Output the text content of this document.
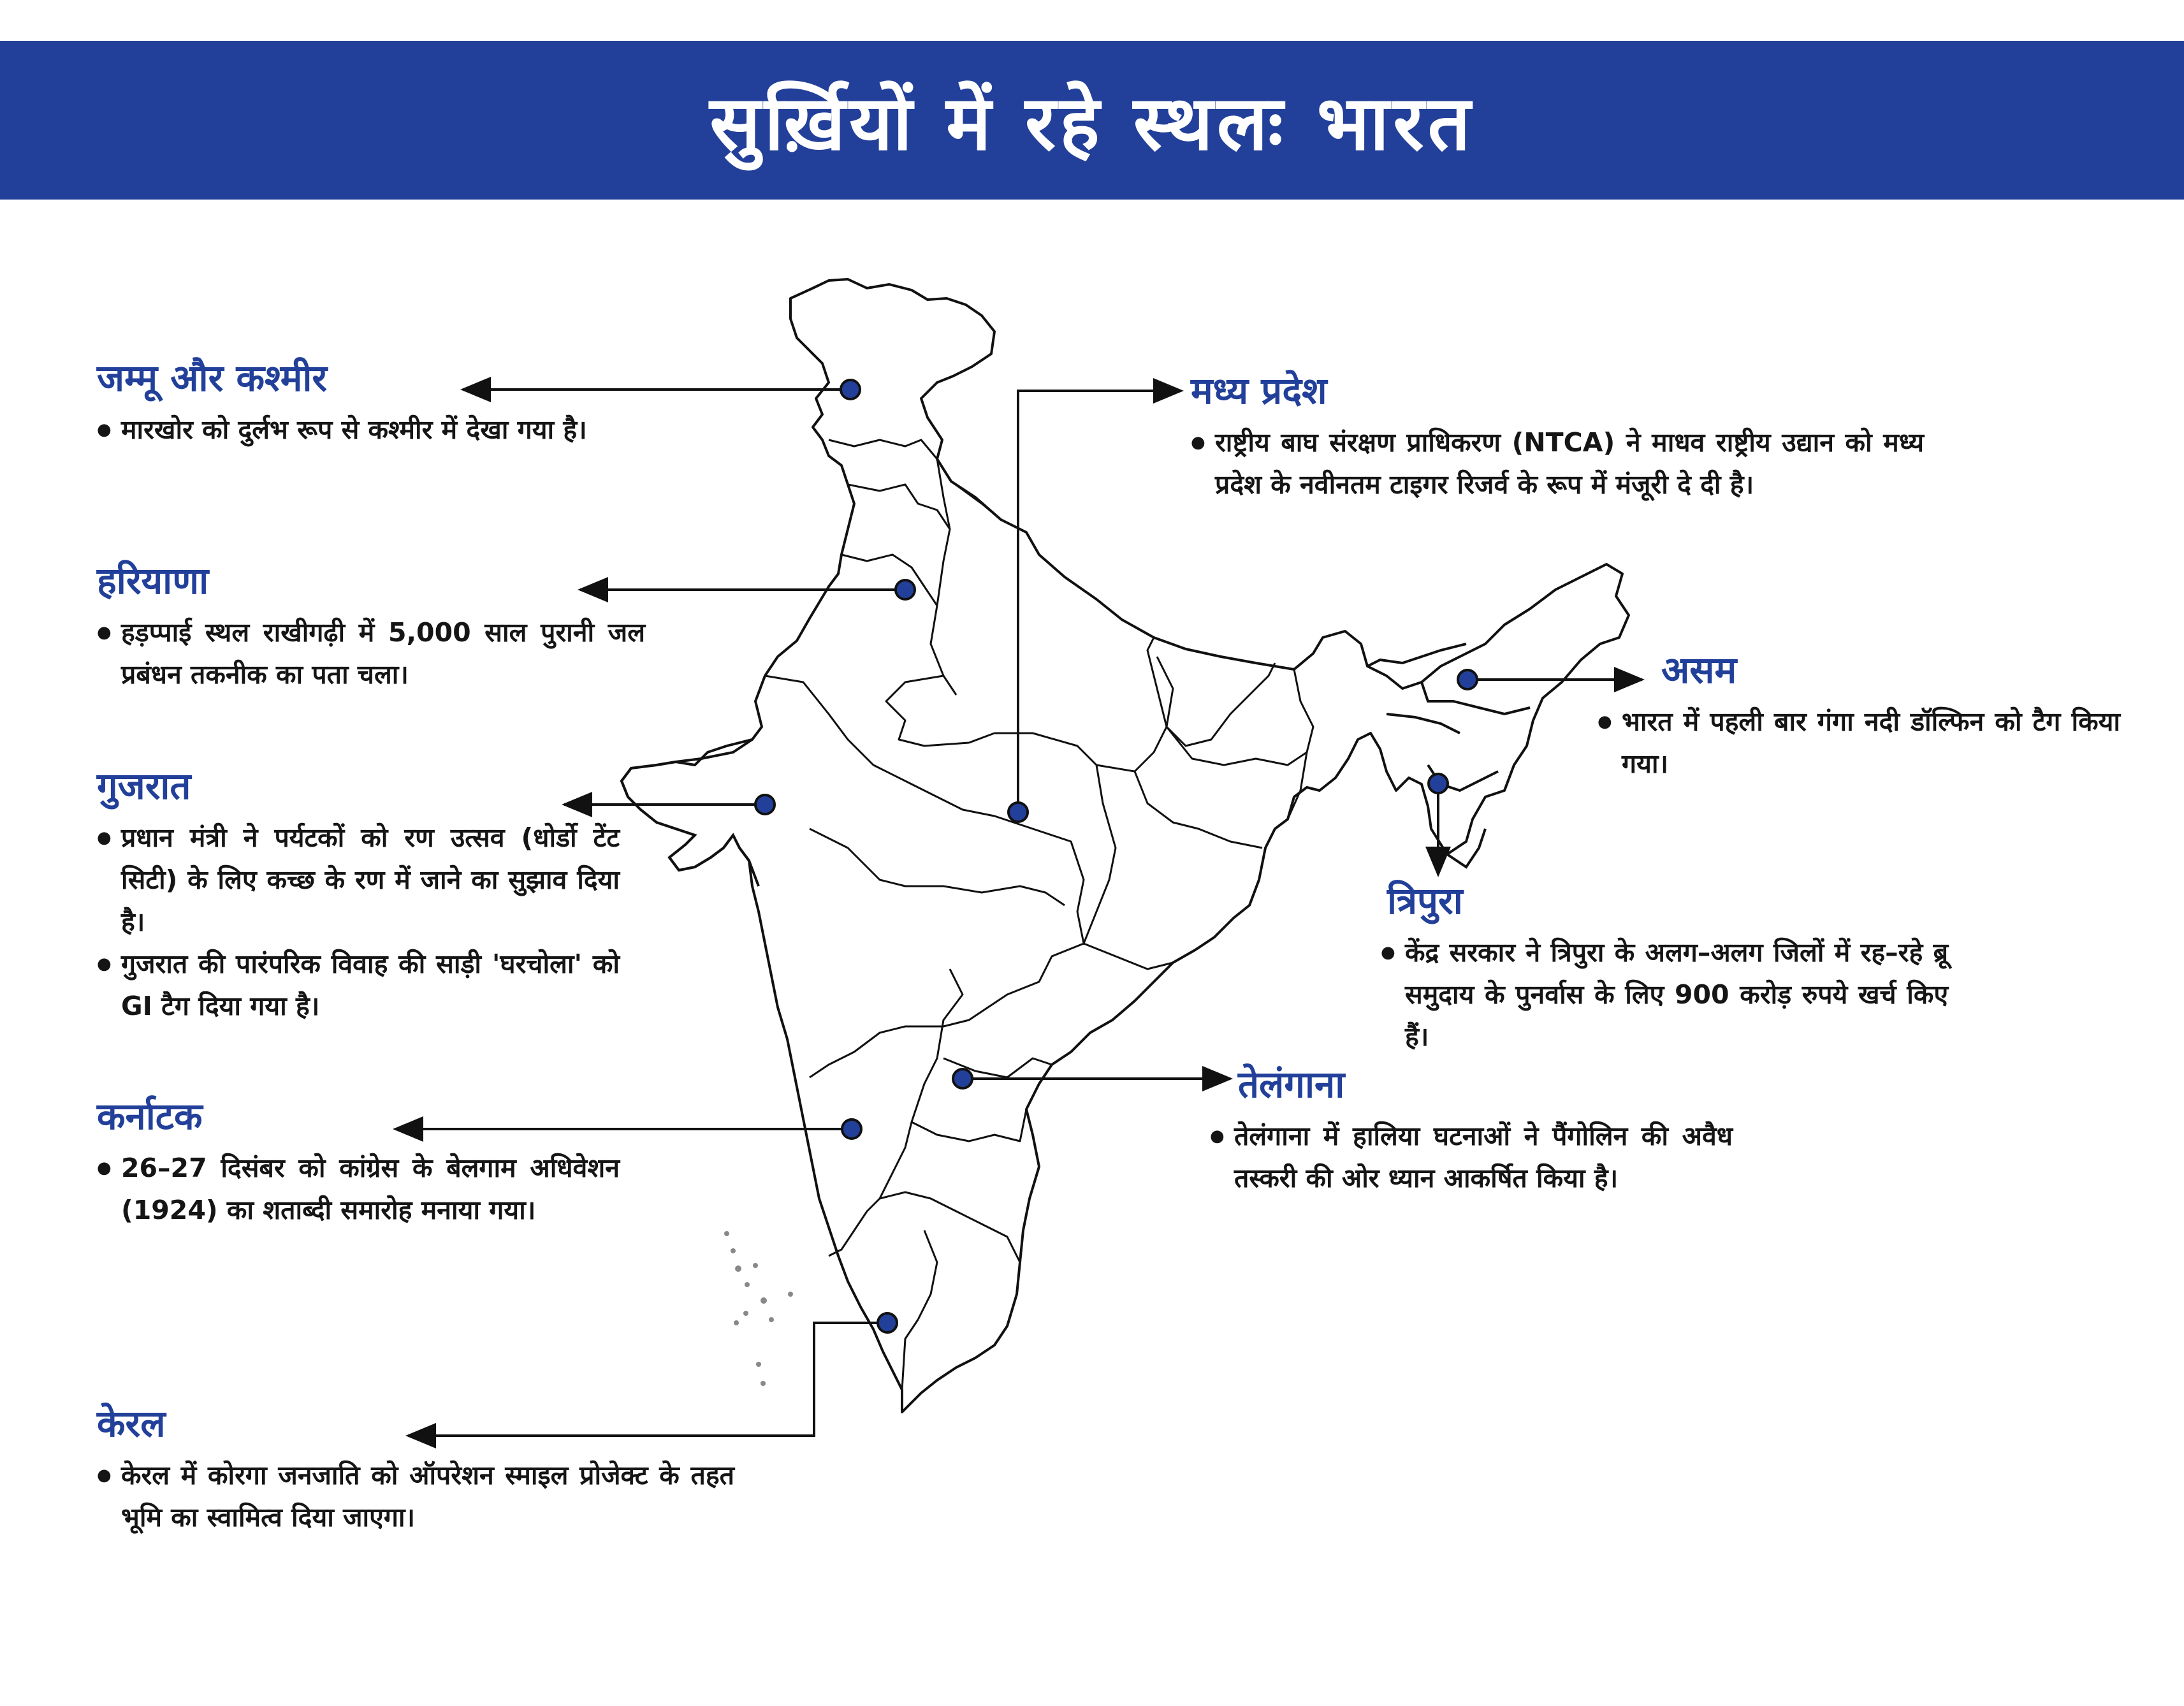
सुर्ख़ियों में रहे स्थलः भारत
जम्मू और कश्मीर
● मारखोर को दुर्लभ रूप से कश्मीर में देखा गया है।
हरियाणा
● हड़प्पाई स्थल राखीगढ़ी में 5,000 साल पुरानी जल प्रबंधन तकनीक का पता चला।
गुजरात
● प्रधान मंत्री ने पर्यटकों को रण उत्सव (धोर्डो टेंट सिटी) के लिए कच्छ के रण में जाने का सुझाव दिया है।
● गुजरात की पारंपरिक विवाह की साड़ी 'घरचोला' को GI टैग दिया गया है।
कर्नाटक
● 26–27 दिसंबर को कांग्रेस के बेलगाम अधिवेशन (1924) का शताब्दी समारोह मनाया गया।
केरल
● केरल में कोरगा जनजाति को ऑपरेशन स्माइल प्रोजेक्ट के तहत भूमि का स्वामित्व दिया जाएगा।
मध्य प्रदेश
● राष्ट्रीय बाघ संरक्षण प्राधिकरण (NTCA) ने माधव राष्ट्रीय उद्यान को मध्य प्रदेश के नवीनतम टाइगर रिजर्व के रूप में मंजूरी दे दी है।
असम
● भारत में पहली बार गंगा नदी डॉल्फिन को टैग किया गया।
त्रिपुरा
● केंद्र सरकार ने त्रिपुरा के अलग–अलग जिलों में रह–रहे ब्रू समुदाय के पुनर्वास के लिए 900 करोड़ रुपये खर्च किए हैं।
तेलंगाना
● तेलंगाना में हालिया घटनाओं ने पैंगोलिन की अवैध तस्करी की ओर ध्यान आकर्षित किया है।
